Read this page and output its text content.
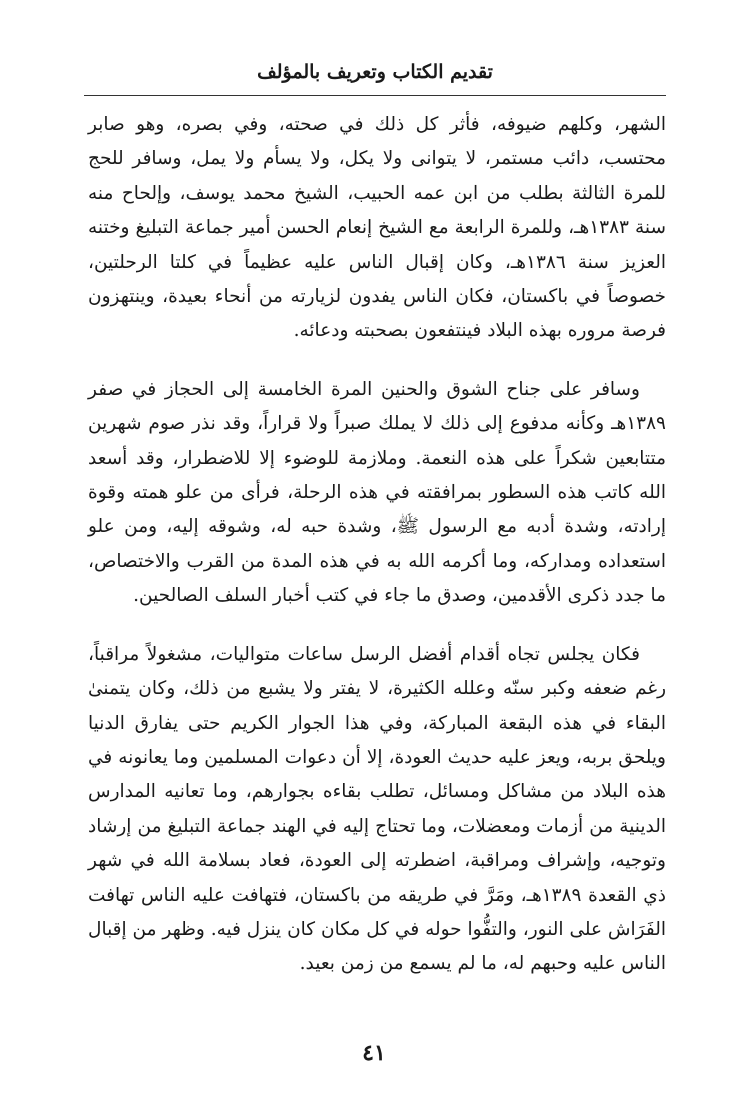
تقديم الكتاب وتعريف بالمؤلف

الشهر، وكلهم ضيوفه، فأثر كل ذلك في صحته، وفي بصره، وهو صابر محتسب، دائب مستمر، لا يتوانى ولا يكل، ولا يسأم ولا يمل، وسافر للحج للمرة الثالثة بطلب من ابن عمه الحبيب، الشيخ محمد يوسف، وإلحاح منه سنة ١٣٨٣هـ، وللمرة الرابعة مع الشيخ إنعام الحسن أمير جماعة التبليغ وختنه العزيز سنة ١٣٨٦هـ، وكان إقبال الناس عليه عظيماً في كلتا الرحلتين، خصوصاً في باكستان، فكان الناس يفدون لزيارته من أنحاء بعيدة، وينتهزون فرصة مروره بهذه البلاد فينتفعون بصحبته ودعائه.

وسافر على جناح الشوق والحنين المرة الخامسة إلى الحجاز في صفر ١٣٨٩هـ وكأنه مدفوع إلى ذلك لا يملك صبراً ولا قراراً، وقد نذر صوم شهرين متتابعين شكراً على هذه النعمة. وملازمة للوضوء إلا للاضطرار، وقد أسعد الله كاتب هذه السطور بمرافقته في هذه الرحلة، فرأى من علو همته وقوة إرادته، وشدة أدبه مع الرسول ﷺ، وشدة حبه له، وشوقه إليه، ومن علو استعداده ومداركه، وما أكرمه الله به في هذه المدة من القرب والاختصاص، ما جدد ذكرى الأقدمين، وصدق ما جاء في كتب أخبار السلف الصالحين.

فكان يجلس تجاه أقدام أفضل الرسل ساعات متواليات، مشغولاً مراقباً، رغم ضعفه وكبر سنّه وعلله الكثيرة، لا يفتر ولا يشبع من ذلك، وكان يتمنىٰ البقاء في هذه البقعة المباركة، وفي هذا الجوار الكريم حتى يفارق الدنيا ويلحق بربه، ويعز عليه حديث العودة، إلا أن دعوات المسلمين وما يعانونه في هذه البلاد من مشاكل ومسائل، تطلب بقاءه بجوارهم، وما تعانيه المدارس الدينية من أزمات ومعضلات، وما تحتاج إليه في الهند جماعة التبليغ من إرشاد وتوجيه، وإشراف ومراقبة، اضطرته إلى العودة، فعاد بسلامة الله في شهر ذي القعدة ١٣٨٩هـ، ومَرَّ في طريقه من باكستان، فتهافت عليه الناس تهافت الفَرَاش على النور، والتفُّوا حوله في كل مكان كان ينزل فيه. وظهر من إقبال الناس عليه وحبهم له، ما لم يسمع من زمن بعيد.

٤١
